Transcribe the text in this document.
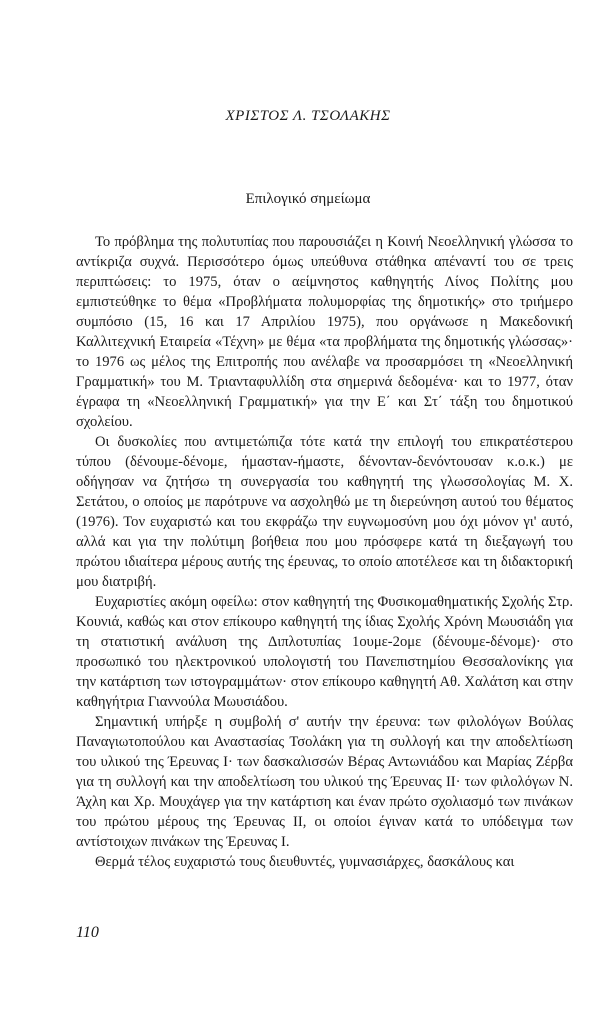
ΧΡΙΣΤΟΣ Λ. ΤΣΟΛΑΚΗΣ
Επιλογικό σημείωμα

Το πρόβλημα της πολυτυπίας που παρουσιάζει η Κοινή Νεοελληνική γλώσσα το αντίκριζα συχνά. Περισσότερο όμως υπεύθυνα στάθηκα απέναντί του σε τρεις περιπτώσεις: το 1975, όταν ο αείμνηστος καθηγητής Λίνος Πολίτης μου εμπιστεύθηκε το θέμα «Προβλήματα πολυμορφίας της δημοτικής» στο τριήμερο συμπόσιο (15, 16 και 17 Απριλίου 1975), που οργάνωσε η Μακεδονική Καλλιτεχνική Εταιρεία «Τέχνη» με θέμα «τα προβλήματα της δημοτικής γλώσσας»· το 1976 ως μέλος της Επιτροπής που ανέλαβε να προσαρμόσει τη «Νεοελληνική Γραμματική» του Μ. Τριανταφυλλίδη στα σημερινά δεδομένα· και το 1977, όταν έγραφα τη «Νεοελληνική Γραμματική» για την Ε΄ και Στ΄ τάξη του δημοτικού σχολείου.

Οι δυσκολίες που αντιμετώπιζα τότε κατά την επιλογή του επικρατέστερου τύπου (δένουμε-δένομε, ήμασταν-ήμαστε, δένονταν-δενόντουσαν κ.ο.κ.) με οδήγησαν να ζητήσω τη συνεργασία του καθηγητή της γλωσσολογίας Μ. Χ. Σετάτου, ο οποίος με παρότρυνε να ασχοληθώ με τη διερεύνηση αυτού του θέματος (1976). Τον ευχαριστώ και του εκφράζω την ευγνωμοσύνη μου όχι μόνον γι' αυτό, αλλά και για την πολύτιμη βοήθεια που μου πρόσφερε κατά τη διεξαγωγή του πρώτου ιδιαίτερα μέρους αυτής της έρευνας, το οποίο αποτέλεσε και τη διδακτορική μου διατριβή.

Ευχαριστίες ακόμη οφείλω: στον καθηγητή της Φυσικομαθηματικής Σχολής Στρ. Κουνιά, καθώς και στον επίκουρο καθηγητή της ίδιας Σχολής Χρόνη Μωυσιάδη για τη στατιστική ανάλυση της Διπλοτυπίας 1ουμε-2ομε (δένουμε-δένομε)· στο προσωπικό του ηλεκτρονικού υπολογιστή του Πανεπιστημίου Θεσσαλονίκης για την κατάρτιση των ιστογραμμάτων· στον επίκουρο καθηγητή Αθ. Χαλάτση και στην καθηγήτρια Γιαννούλα Μωυσιάδου.

Σημαντική υπήρξε η συμβολή σ' αυτήν την έρευνα: των φιλολόγων Βούλας Παναγιωτοπούλου και Αναστασίας Τσολάκη για τη συλλογή και την αποδελτίωση του υλικού της Έρευνας Ι· των δασκαλισσών Βέρας Αντωνιάδου και Μαρίας Ζέρβα για τη συλλογή και την αποδελτίωση του υλικού της Έρευνας ΙΙ· των φιλολόγων Ν. Άχλη και Χρ. Μουχάγερ για την κατάρτιση και έναν πρώτο σχολιασμό των πινάκων του πρώτου μέρους της Έρευνας ΙΙ, οι οποίοι έγιναν κατά το υπόδειγμα των αντίστοιχων πινάκων της Έρευνας Ι.

Θερμά τέλος ευχαριστώ τους διευθυντές, γυμνασιάρχες, δασκάλους και

110
